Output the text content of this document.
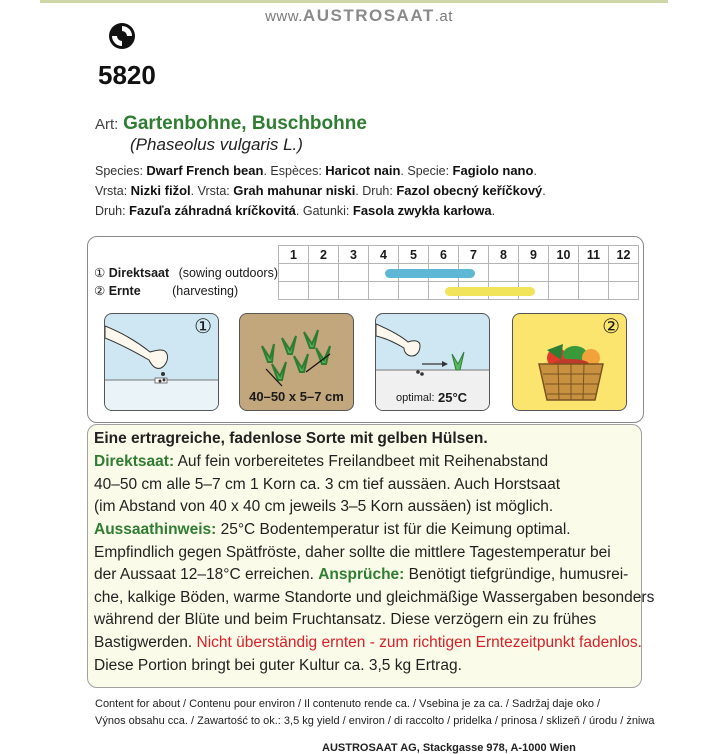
www.AUSTROSAAT.at
5820
Art: Gartenbohne, Buschbohne
(Phaseolus vulgaris L.)
Species: Dwarf French bean. Espèces: Haricot nain. Specie: Fagiolo nano.
Vrsta: Nizki fižol. Vrsta: Grah mahunar niski. Druh: Fazol obecný keříčkový.
Druh: Fazuľa záhradná kríčkovitá. Gatunki: Fasola zwykła karłowa.
	1	2	3	4	5	6	7	8	9	10	11	12
① Direktsaat (sowing outdoors)												
② Ernte (harvesting)												
①
40–50 x 5–7 cm	optimal: 25°C
②
Eine ertragreiche, fadenlose Sorte mit gelben Hülsen.
Direktsaat: Auf fein vorbereitetes Freilandbeet mit Reihenabstand
40–50 cm alle 5–7 cm 1 Korn ca. 3 cm tief aussäen. Auch Horstsaat
(im Abstand von 40 x 40 cm jeweils 3–5 Korn aussäen) ist möglich.
Aussaathinweis: 25°C Bodentemperatur ist für die Keimung optimal.
Empfindlich gegen Spätfröste, daher sollte die mittlere Tagestemperatur bei
der Aussaat 12–18°C erreichen. Ansprüche: Benötigt tiefgründige, humusrei-
che, kalkige Böden, warme Standorte und gleichmäßige Wassergaben besonders
während der Blüte und beim Fruchtansatz. Diese verzögern ein zu frühes
Bastigwerden. Nicht überständig ernten - zum richtigen Erntezeitpunkt fadenlos.
Diese Portion bringt bei guter Kultur ca. 3,5 kg Ertrag.
Content for about / Contenu pour environ / Il contenuto rende ca. / Vsebina je za ca. / Sadržaj daje oko /
Výnos obsahu cca. / Zawartość to ok.: 3,5 kg yield / environ / di raccolto / pridelka / prinosa / sklizeň / úrodu / żniwa
AUSTROSAAT AG, Stackgasse 978, A-1000 Wien
